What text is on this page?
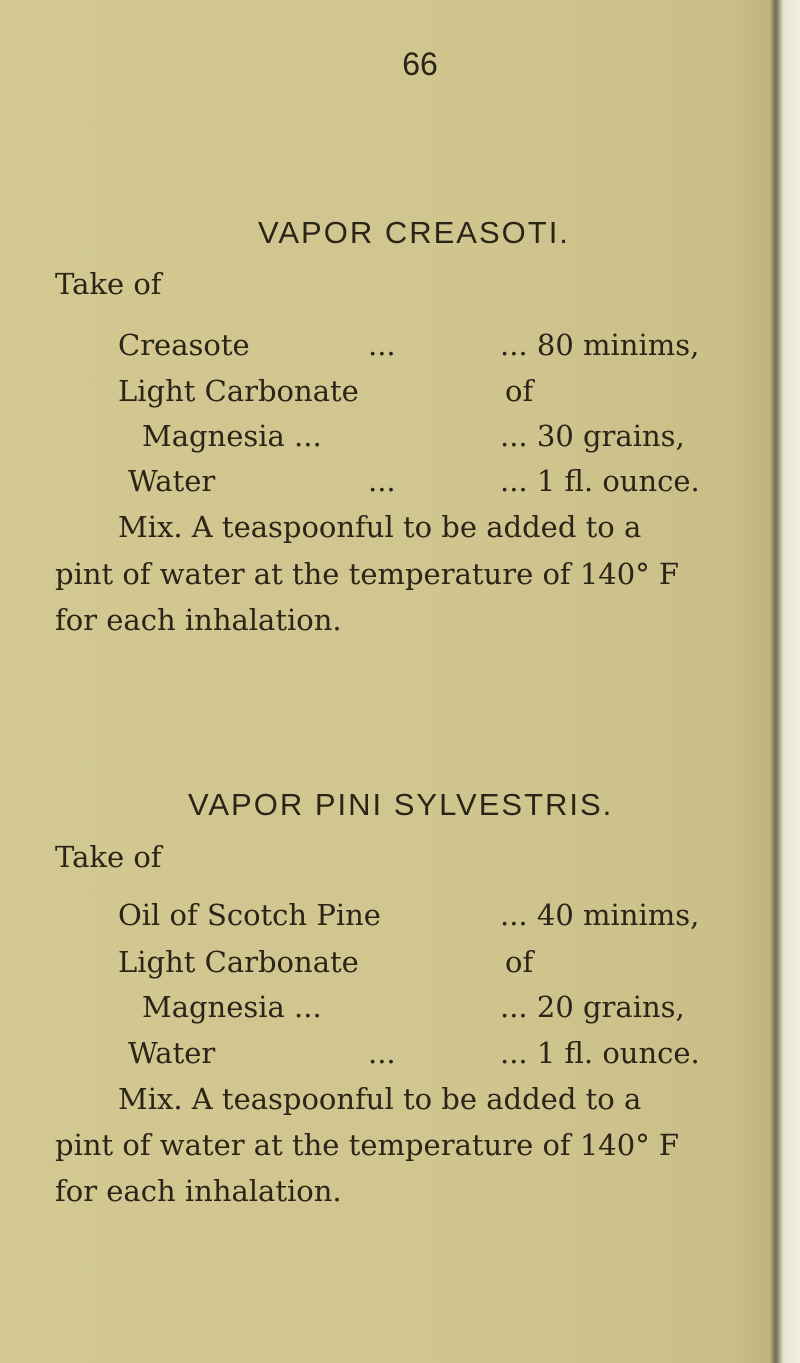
66
VAPOR CREASOTI.
Take of
Creasote	...	... 80 minims,
Light Carbonate	of
Magnesia ...	... 30 grains,
Water	...	... 1 fl. ounce.
Mix. A teaspoonful to be added to a
pint of water at the temperature of 140° F
for each inhalation.
VAPOR PINI SYLVESTRIS.
Take of
Oil of Scotch Pine	... 40 minims,
Light Carbonate	of
Magnesia ...	... 20 grains,
Water	...	... 1 fl. ounce.
Mix. A teaspoonful to be added to a
pint of water at the temperature of 140° F
for each inhalation.
